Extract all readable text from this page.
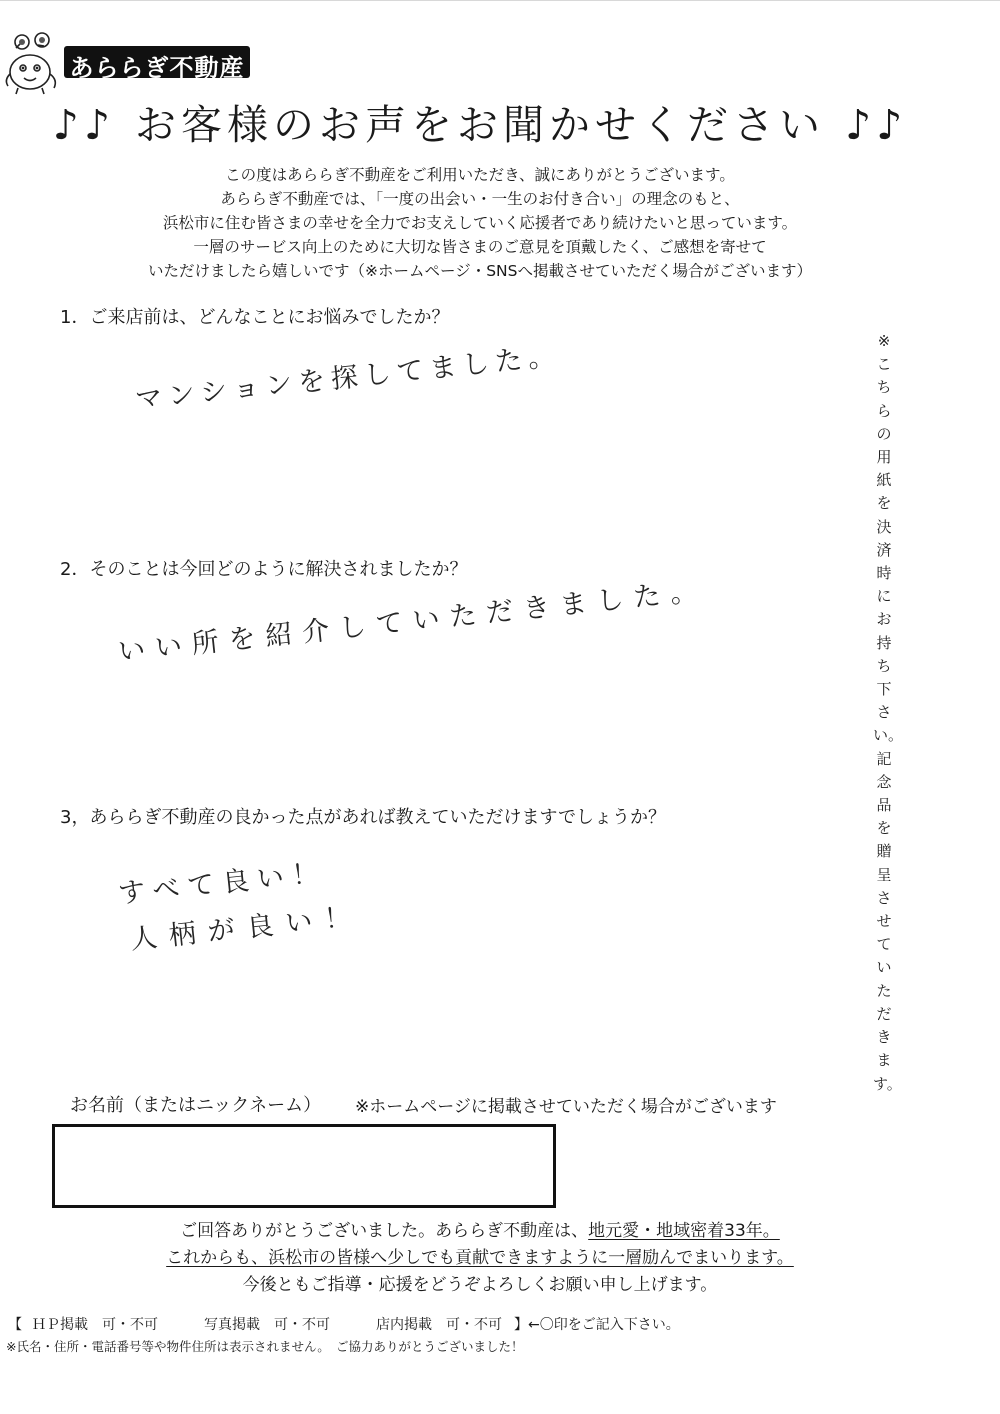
あららぎ不動産
♪♪ お客様のお声をお聞かせください ♪♪
この度はあららぎ不動産をご利用いただき、誠にありがとうございます。
あららぎ不動産では、「一度の出会い・一生のお付き合い」の理念のもと、
浜松市に住む皆さまの幸せを全力でお支えしていく応援者であり続けたいと思っています。
一層のサービス向上のために大切な皆さまのご意見を頂戴したく、ご感想を寄せて
いただけましたら嬉しいです（※ホームページ・SNSへ掲載させていただく場合がございます）
1．ご来店前は、どんなことにお悩みでしたか？
マンションを探してました。
2．そのことは今回どのように解決されましたか？
いい所を紹介していただきました。
3，あららぎ不動産の良かった点があれば教えていただけますでしょうか？
すべて良い！
人柄が良い！
※こちらの用紙を決済時にお持ち下さい。記念品を贈呈させていただきます。
お名前（またはニックネーム） ※ホームページに掲載させていただく場合がございます
ご回答ありがとうございました。あららぎ不動産は、地元愛・地域密着33年。
これからも、浜松市の皆様へ少しでも貢献できますように一層励んでまいります。
今後ともご指導・応援をどうぞよろしくお願い申し上げます。
【 ＨＰ掲載　可・不可	写真掲載　可・不可	店内掲載　可・不可 】←〇印をご記入下さい。
※氏名・住所・電話番号等や物件住所は表示されません。　ご協力ありがとうございました！
